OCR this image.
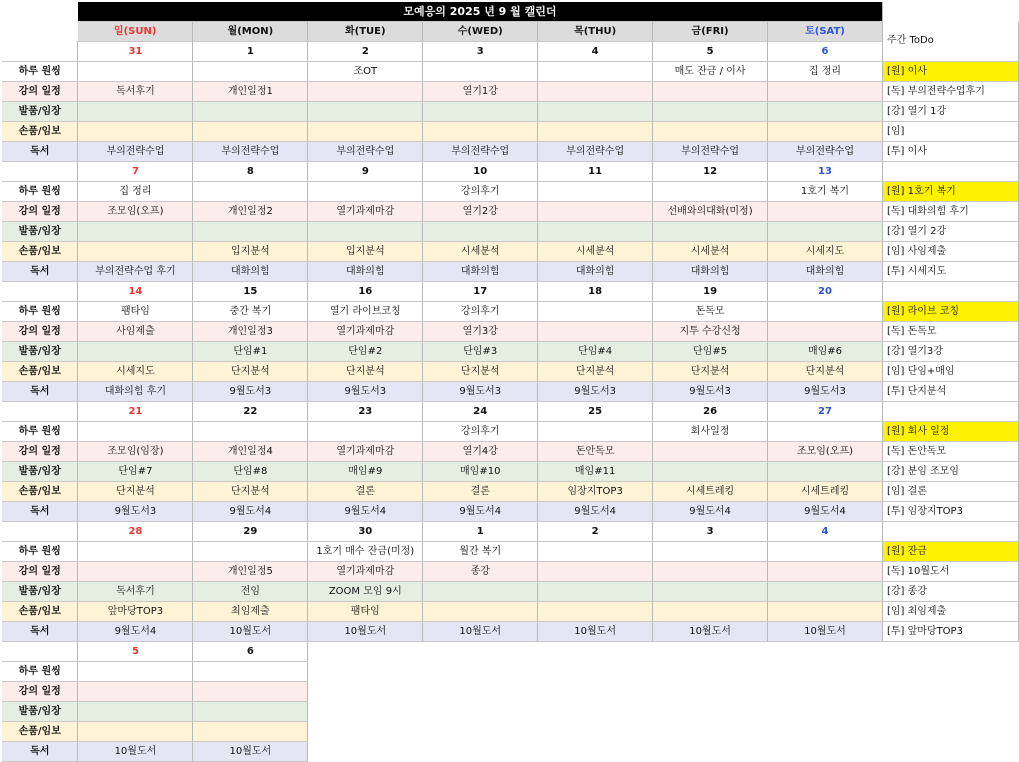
	모예응의 2025 년 9 월 캘린더							
	일(SUN)	월(MON)	화(TUE)	수(WED)	목(THU)	금(FRI)	토(SAT)	주간 ToDo
	31	1	2	3	4	5	6	
하루 원씽			조OT			매도 잔금 / 이사	집 정리	[원] 이사
강의 일정	독서후기	개인일정1		열기1강				[독] 부의전략수업후기
발품/임장								[강] 열기 1강
손품/임보								[임]
독서	부의전략수업	부의전략수업	부의전략수업	부의전략수업	부의전략수업	부의전략수업	부의전략수업	[투] 이사
	7	8	9	10	11	12	13	
하루 원씽	집 정리			강의후기			1호기 복기	[원] 1호기 복기
강의 일정	조모임(오프)	개인일정2	열기과제마감	열기2강		선배와의대화(미정)		[독] 대화의힘 후기
발품/임장								[강] 열기 2강
손품/임보		입지분석	입지분석	시세분석	시세분석	시세분석	시세지도	[임] 사임제출
독서	부의전략수업 후기	대화의힘	대화의힘	대화의힘	대화의힘	대화의힘	대화의힘	[투] 시세지도
	14	15	16	17	18	19	20	
하루 원씽	팸타임	중간 복기	열기 라이브코칭	강의후기		돈독모		[원] 라이브 코칭
강의 일정	사임제출	개인일정3	열기과제마감	열기3강		지투 수강신청		[독] 돈독모
발품/임장		단임#1	단임#2	단임#3	단임#4	단임#5	매임#6	[강] 열기3강
손품/임보	시세지도	단지분석	단지분석	단지분석	단지분석	단지분석	단지분석	[임] 단임+매임
독서	대화의힘 후기	9월도서3	9월도서3	9월도서3	9월도서3	9월도서3	9월도서3	[투] 단지분석
	21	22	23	24	25	26	27	
하루 원씽				강의후기		회사일정		[원] 회사 일정
강의 일정	조모임(임장)	개인일정4	열기과제마감	열기4강	돈안독모		조모임(오프)	[독] 돈안독모
발품/임장	단임#7	단임#8	매임#9	매임#10	매임#11			[강] 분임 조모임
손품/임보	단지분석	단지분석	결론	결론	임장지TOP3	시세트레킹	시세트레킹	[임] 결론
독서	9월도서3	9월도서4	9월도서4	9월도서4	9월도서4	9월도서4	9월도서4	[투] 임장지TOP3
	28	29	30	1	2	3	4	
하루 원씽			1호기 매수 잔금(미정)	월간 복기				[원] 잔금
강의 일정		개인일정5	열기과제마감	종강				[독] 10월도서
발품/임장	독서후기	전임	ZOOM 모임 9시					[강] 종강
손품/임보	앞마당TOP3	최임제출	팸타임					[임] 최임제출
독서	9월도서4	10월도서	10월도서	10월도서	10월도서	10월도서	10월도서	[투] 앞마당TOP3
	5	6						
하루 원씽								
강의 일정								
발품/임장								
손품/임보								
독서	10월도서	10월도서						
